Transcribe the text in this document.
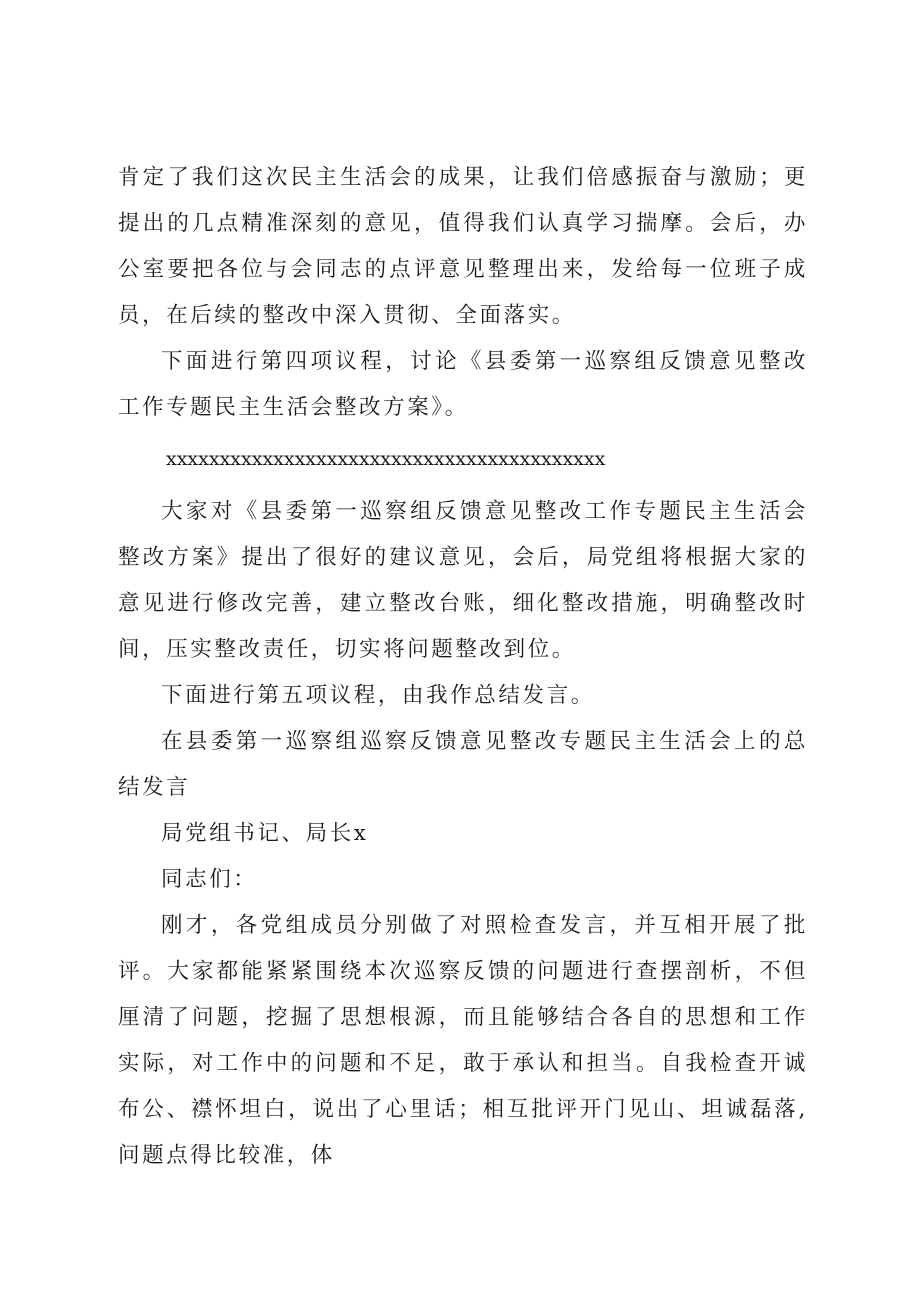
肯定了我们这次民主生活会的成果，让我们倍感振奋与激励；更提出的几点精准深刻的意见，值得我们认真学习揣摩。会后，办公室要把各位与会同志的点评意见整理出来，发给每一位班子成员，在后续的整改中深入贯彻、全面落实。

下面进行第四项议程，讨论《县委第一巡察组反馈意见整改工作专题民主生活会整改方案》。

xxxxxxxxxxxxxxxxxxxxxxxxxxxxxxxxxxxxxxxxx

大家对《县委第一巡察组反馈意见整改工作专题民主生活会整改方案》提出了很好的建议意见，会后，局党组将根据大家的意见进行修改完善，建立整改台账，细化整改措施，明确整改时间，压实整改责任，切实将问题整改到位。

下面进行第五项议程，由我作总结发言。

在县委第一巡察组巡察反馈意见整改专题民主生活会上的总结发言

局党组书记、局长x

同志们：

刚才，各党组成员分别做了对照检查发言，并互相开展了批评。大家都能紧紧围绕本次巡察反馈的问题进行查摆剖析，不但厘清了问题，挖掘了思想根源，而且能够结合各自的思想和工作实际，对工作中的问题和不足，敢于承认和担当。自我检查开诚布公、襟怀坦白，说出了心里话；相互批评开门见山、坦诚磊落,问题点得比较准，体
